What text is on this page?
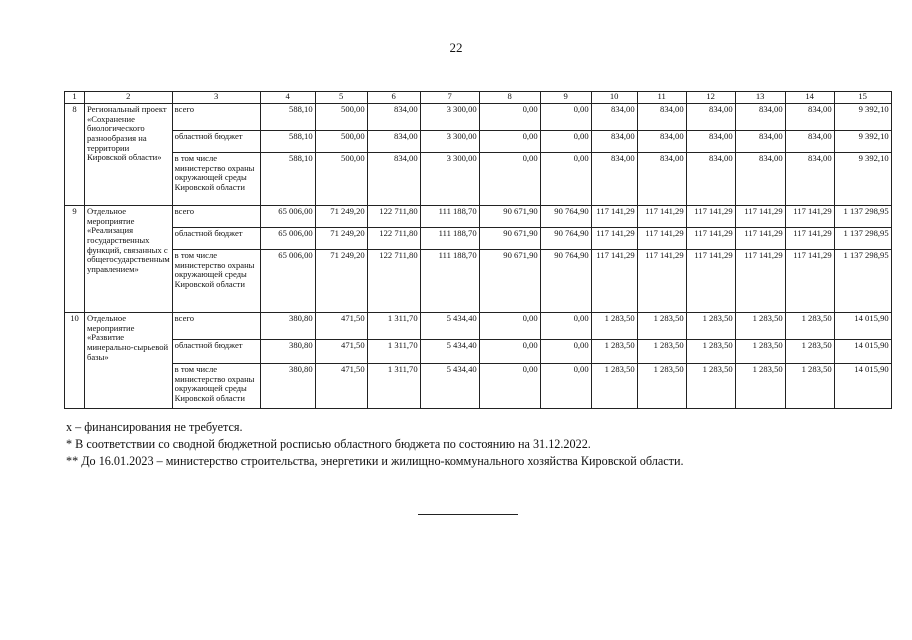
22
1	2	3	4	5	6	7	8	9	10	11	12	13	14	15
8	Региональный проект «Сохранение биологического разнообразия на территории Кировской области»	всего	588,10	500,00	834,00	3 300,00	0,00	0,00	834,00	834,00	834,00	834,00	834,00	9 392,10
		областной бюджет	588,10	500,00	834,00	3 300,00	0,00	0,00	834,00	834,00	834,00	834,00	834,00	9 392,10
		в том числе министерство охраны окружающей среды Кировской области	588,10	500,00	834,00	3 300,00	0,00	0,00	834,00	834,00	834,00	834,00	834,00	9 392,10
9	Отдельное мероприятие «Реализация государственных функций, связанных с общегосударственным управлением»	всего	65 006,00	71 249,20	122 711,80	111 188,70	90 671,90	90 764,90	117 141,29	117 141,29	117 141,29	117 141,29	117 141,29	1 137 298,95
		областной бюджет	65 006,00	71 249,20	122 711,80	111 188,70	90 671,90	90 764,90	117 141,29	117 141,29	117 141,29	117 141,29	117 141,29	1 137 298,95
		в том числе министерство охраны окружающей среды Кировской области	65 006,00	71 249,20	122 711,80	111 188,70	90 671,90	90 764,90	117 141,29	117 141,29	117 141,29	117 141,29	117 141,29	1 137 298,95
10	Отдельное мероприятие «Развитие минерально-сырьевой базы»	всего	380,80	471,50	1 311,70	5 434,40	0,00	0,00	1 283,50	1 283,50	1 283,50	1 283,50	1 283,50	14 015,90
		областной бюджет	380,80	471,50	1 311,70	5 434,40	0,00	0,00	1 283,50	1 283,50	1 283,50	1 283,50	1 283,50	14 015,90
		в том числе министерство охраны окружающей среды Кировской области	380,80	471,50	1 311,70	5 434,40	0,00	0,00	1 283,50	1 283,50	1 283,50	1 283,50	1 283,50	14 015,90

х – финансирования не требуется.

* В соответствии со сводной бюджетной росписью областного бюджета по состоянию на 31.12.2022.

** До 16.01.2023 – министерство строительства, энергетики и жилищно-коммунального хозяйства Кировской области.
